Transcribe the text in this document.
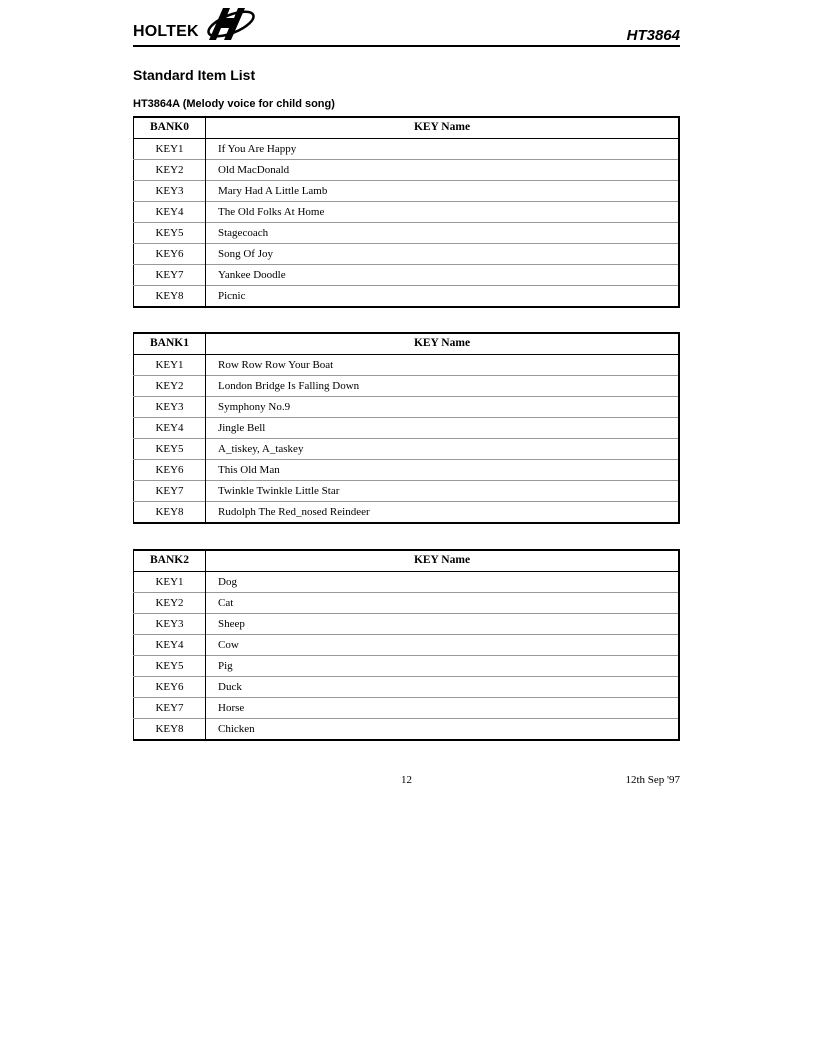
HOLTEK	HT3864
Standard Item List
HT3864A (Melody voice for child song)
BANK0	KEY Name
KEY1	If You Are Happy
KEY2	Old MacDonald
KEY3	Mary Had A Little Lamb
KEY4	The Old Folks At Home
KEY5	Stagecoach
KEY6	Song Of Joy
KEY7	Yankee Doodle
KEY8	Picnic
BANK1	KEY Name
KEY1	Row Row Row Your Boat
KEY2	London Bridge Is Falling Down
KEY3	Symphony No.9
KEY4	Jingle Bell
KEY5	A_tiskey, A_taskey
KEY6	This Old Man
KEY7	Twinkle Twinkle Little Star
KEY8	Rudolph The Red_nosed Reindeer
BANK2	KEY Name
KEY1	Dog
KEY2	Cat
KEY3	Sheep
KEY4	Cow
KEY5	Pig
KEY6	Duck
KEY7	Horse
KEY8	Chicken
12	12th Sep '97
